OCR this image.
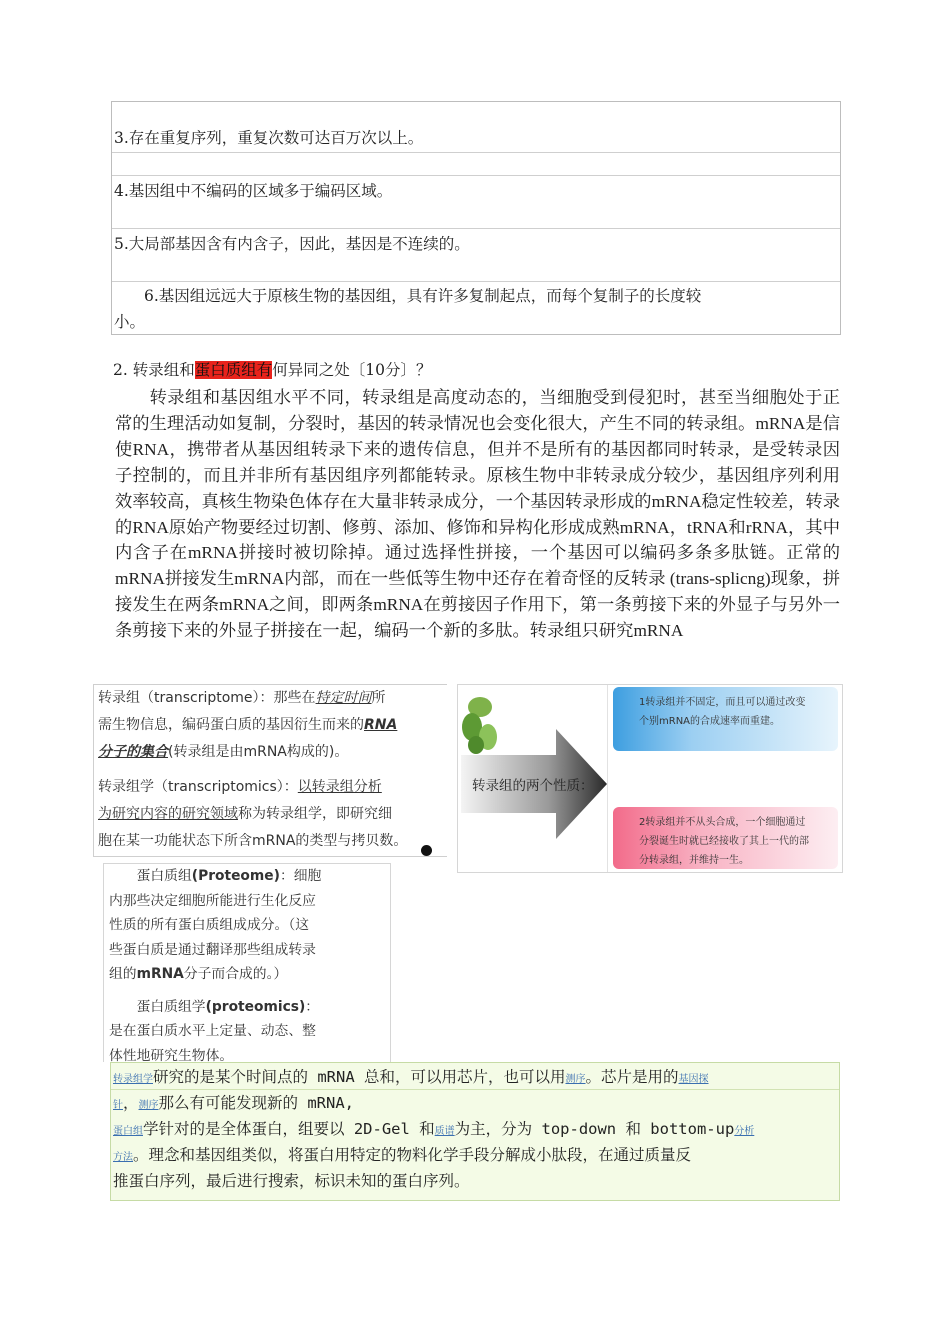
3.存在重复序列，重复次数可达百万次以上。
4.基因组中不编码的区域多于编码区域。
5.大局部基因含有内含子，因此，基因是不连续的。
6.基因组远远大于原核生物的基因组，具有许多复制起点，而每个复制子的长度较
小。
2. 转录组和蛋白质组有何异同之处〔10分〕？

转录组和基因组水平不同，转录组是高度动态的，当细胞受到侵犯时，甚至当细胞处于正常的生理活动如复制，分裂时，基因的转录情况也会变化很大，产生不同的转录组。mRNA是信使RNA，携带者从基因组转录下来的遗传信息，但并不是所有的基因都同时转录，是受转录因子控制的，而且并非所有基因组序列都能转录。原核生物中非转录成分较少，基因组序列利用效率较高，真核生物染色体存在大量非转录成分，一个基因转录形成的mRNA稳定性较差，转录的RNA原始产物要经过切割、修剪、添加、修饰和异构化形成成熟mRNA，tRNA和rRNA，其中内含子在mRNA拼接时被切除掉。通过选择性拼接，一个基因可以编码多条多肽链。正常的mRNA拼接发生mRNA内部，而在一些低等生物中还存在着奇怪的反转录 (trans-splicng)现象，拼接发生在两条mRNA之间，即两条mRNA在剪接因子作用下，第一条剪接下来的外显子与另外一条剪接下来的外显子拼接在一起，编码一个新的多肽。转录组只研究mRNA

转录组（transcriptome）：那些在特定时间所

需生物信息，编码蛋白质的基因衍生而来的RNA

分子的集合(转录组是由mRNA构成的)。

转录组学（transcriptomics）：以转录组分析

为研究内容的研究领域称为转录组学，即研究细

胞在某一功能状态下所含mRNA的类型与拷贝数。

转录组的两个性质：
1转录组并不固定，而且可以通过改变
个别mRNA的合成速率而重建。
2转录组并不从头合成，一个细胞通过
分裂诞生时就已经接收了其上一代的部
分转录组，并维持一生。

蛋白质组(Proteome)：细胞

内那些决定细胞所能进行生化反应

性质的所有蛋白质组成成分。（这

些蛋白质是通过翻译那些组成转录

组的mRNA分子而合成的。）

蛋白质组学(proteomics)：

是在蛋白质水平上定量、动态、整

体性地研究生物体。

转录组学研究的是某个时间点的 mRNA 总和，可以用芯片，也可以用测序。芯片是用的基因探
针，测序那么有可能发现新的 mRNA,
蛋白组学针对的是全体蛋白，组要以 2D-Gel 和质谱为主，分为 top-down 和 bottom-up分析
方法。理念和基因组类似，将蛋白用特定的物料化学手段分解成小肽段，在通过质量反
推蛋白序列，最后进行搜索，标识未知的蛋白序列。
